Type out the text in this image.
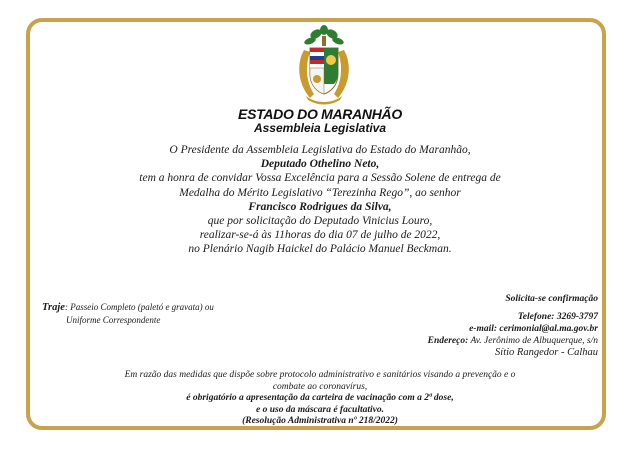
ESTADO DO MARANHÃO
Assembleia Legislativa
O Presidente da Assembleia Legislativa do Estado do Maranhão,
Deputado Othelino Neto,
tem a honra de convidar Vossa Excelência para a Sessão Solene de entrega de
Medalha do Mérito Legislativo “Terezinha Rego”, ao senhor
Francisco Rodrigues da Silva,
que por solicitação do Deputado Vinicius Louro,
realizar-se-á às 11horas do dia 07 de julho de 2022,
no Plenário Nagib Haickel do Palácio Manuel Beckman.
Traje: Passeio Completo (paletó e gravata) ou
Uniforme Correspondente
Solicita-se confirmação
Telefone: 3269-3797
e-mail: cerimonial@al.ma.gov.br
Endereço: Av. Jerônimo de Albuquerque, s/n
Sítio Rangedor - Calhau
Em razão das medidas que dispõe sobre protocolo administrativo e sanitários visando a prevenção e o
combate ao coronavírus,
é obrigatório a apresentação da carteira de vacinação com a 2ª dose,
e o uso da máscara é facultativo.
(Resolução Administrativa nº 218/2022)
